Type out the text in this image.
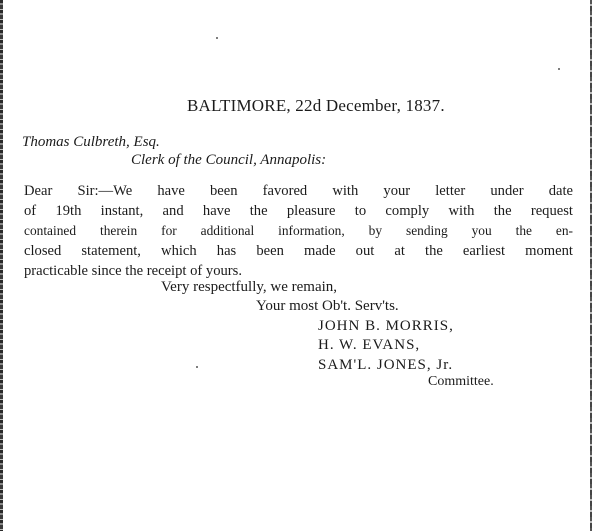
BALTIMORE, 22d December, 1837.
Thomas Culbreth, Esq.
Clerk of the Council, Annapolis:
Dear Sir:—We have been favored with your letter under date
of 19th instant, and have the pleasure to comply with the request
contained therein for additional information, by sending you the en-
closed statement, which has been made out at the earliest moment
practicable since the receipt of yours.
Very respectfully, we remain,
Your most Ob't. Serv'ts.
JOHN B. MORRIS,
H. W. EVANS,
SAM'L. JONES, Jr.
Committee.
